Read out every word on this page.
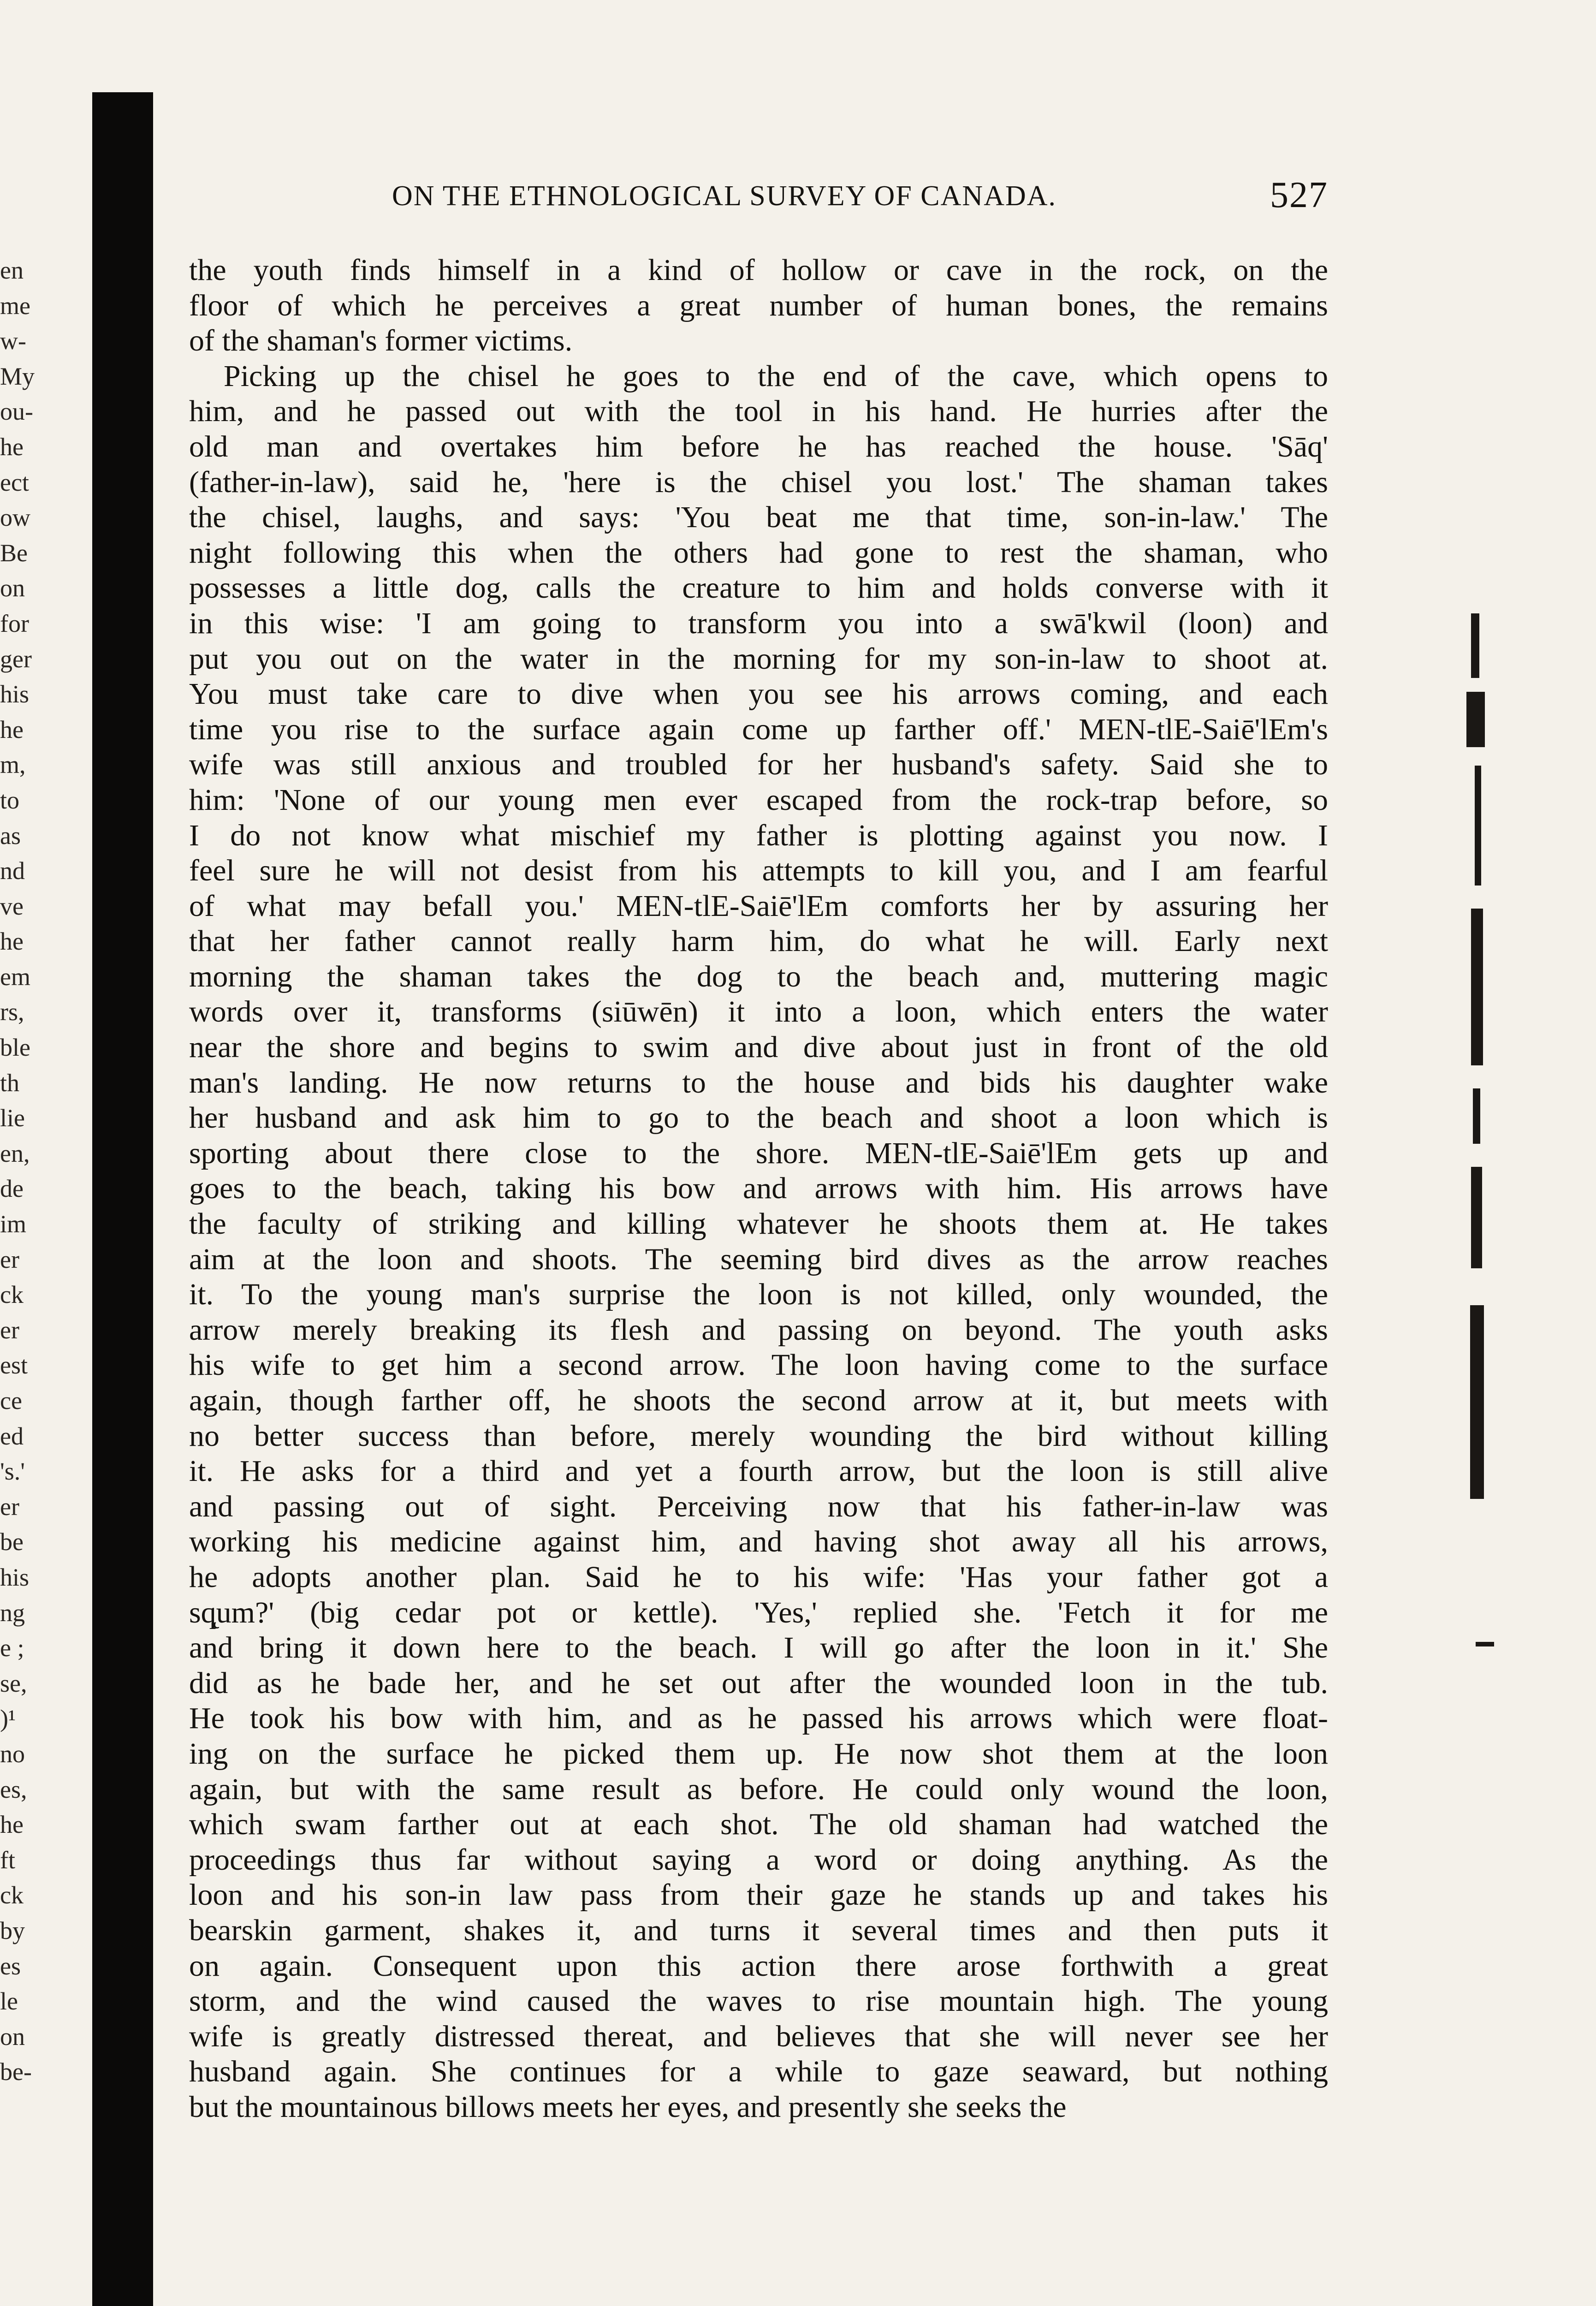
en
me
w-
My
ou-
he
ect
ow
Be
on
for
ger
his
he
m,
to
as
nd
ve
he
em
rs,
ble
th
lie
en,
de
im
er
ck
er
est
ce
ed
's.'
er
be
his
ng
e ;
se,
)¹
no
es,
he
ft
ck
by
es
le
on
be-
ON THE ETHNOLOGICAL SURVEY OF CANADA.	527
the youth finds himself in a kind of hollow or cave in the rock, on the
floor of which he perceives a great number of human bones, the remains
of the shaman's former victims.
Picking up the chisel he goes to the end of the cave, which opens to
him, and he passed out with the tool in his hand. He hurries after the
old man and overtakes him before he has reached the house. 'Sāq'
(father-in-law), said he, 'here is the chisel you lost.' The shaman takes
the chisel, laughs, and says: 'You beat me that time, son-in-law.' The
night following this when the others had gone to rest the shaman, who
possesses a little dog, calls the creature to him and holds converse with it
in this wise: 'I am going to transform you into a swā'kwil (loon) and
put you out on the water in the morning for my son-in-law to shoot at.
You must take care to dive when you see his arrows coming, and each
time you rise to the surface again come up farther off.' MEN-tlE-Saiē'lEm's
wife was still anxious and troubled for her husband's safety. Said she to
him: 'None of our young men ever escaped from the rock-trap before, so
I do not know what mischief my father is plotting against you now. I
feel sure he will not desist from his attempts to kill you, and I am fearful
of what may befall you.' MEN-tlE-Saiē'lEm comforts her by assuring her
that her father cannot really harm him, do what he will. Early next
morning the shaman takes the dog to the beach and, muttering magic
words over it, transforms (siūwēn) it into a loon, which enters the water
near the shore and begins to swim and dive about just in front of the old
man's landing. He now returns to the house and bids his daughter wake
her husband and ask him to go to the beach and shoot a loon which is
sporting about there close to the shore. MEN-tlE-Saiē'lEm gets up and
goes to the beach, taking his bow and arrows with him. His arrows have
the faculty of striking and killing whatever he shoots them at. He takes
aim at the loon and shoots. The seeming bird dives as the arrow reaches
it. To the young man's surprise the loon is not killed, only wounded, the
arrow merely breaking its flesh and passing on beyond. The youth asks
his wife to get him a second arrow. The loon having come to the surface
again, though farther off, he shoots the second arrow at it, but meets with
no better success than before, merely wounding the bird without killing
it. He asks for a third and yet a fourth arrow, but the loon is still alive
and passing out of sight. Perceiving now that his father-in-law was
working his medicine against him, and having shot away all his arrows,
he adopts another plan. Said he to his wife: 'Has your father got a
sq̨um?' (big cedar pot or kettle). 'Yes,' replied she. 'Fetch it for me
and bring it down here to the beach. I will go after the loon in it.' She
did as he bade her, and he set out after the wounded loon in the tub.
He took his bow with him, and as he passed his arrows which were float-
ing on the surface he picked them up. He now shot them at the loon
again, but with the same result as before. He could only wound the loon,
which swam farther out at each shot. The old shaman had watched the
proceedings thus far without saying a word or doing anything. As the
loon and his son-in law pass from their gaze he stands up and takes his
bearskin garment, shakes it, and turns it several times and then puts it
on again. Consequent upon this action there arose forthwith a great
storm, and the wind caused the waves to rise mountain high. The young
wife is greatly distressed thereat, and believes that she will never see her
husband again. She continues for a while to gaze seaward, but nothing
but the mountainous billows meets her eyes, and presently she seeks the
